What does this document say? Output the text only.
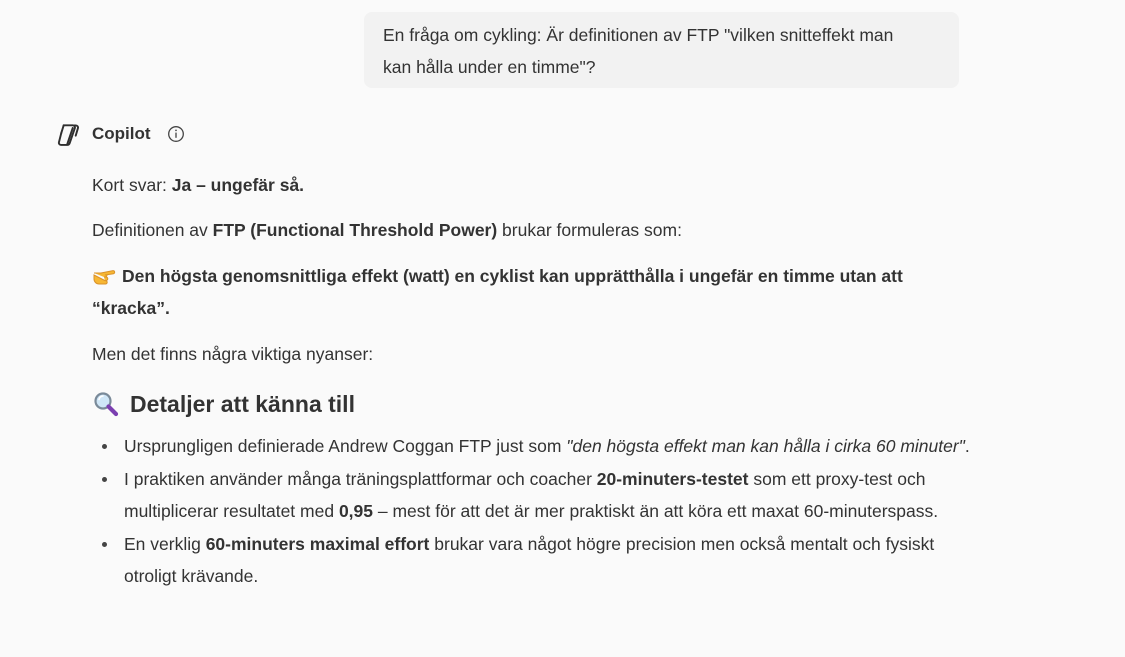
En fråga om cykling: Är definitionen av FTP "vilken snitteffekt man
kan hålla under en timme"?
Copilot

Kort svar: Ja – ungefär så.

Definitionen av FTP (Functional Threshold Power) brukar formuleras som:

Den högsta genomsnittliga effekt (watt) en cyklist kan upprätthålla i ungefär en timme utan att “kracka”.

Men det finns några viktiga nyanser:

Detaljer att känna till
Ursprungligen definierade Andrew Coggan FTP just som "den högsta effekt man kan hålla i cirka 60 minuter".
I praktiken använder många träningsplattformar och coacher 20-minuters-testet som ett proxy-test och multiplicerar resultatet med 0,95 – mest för att det är mer praktiskt än att köra ett maxat 60-minuterspass.
En verklig 60-minuters maximal effort brukar vara något högre precision men också mentalt och fysiskt otroligt krävande.
